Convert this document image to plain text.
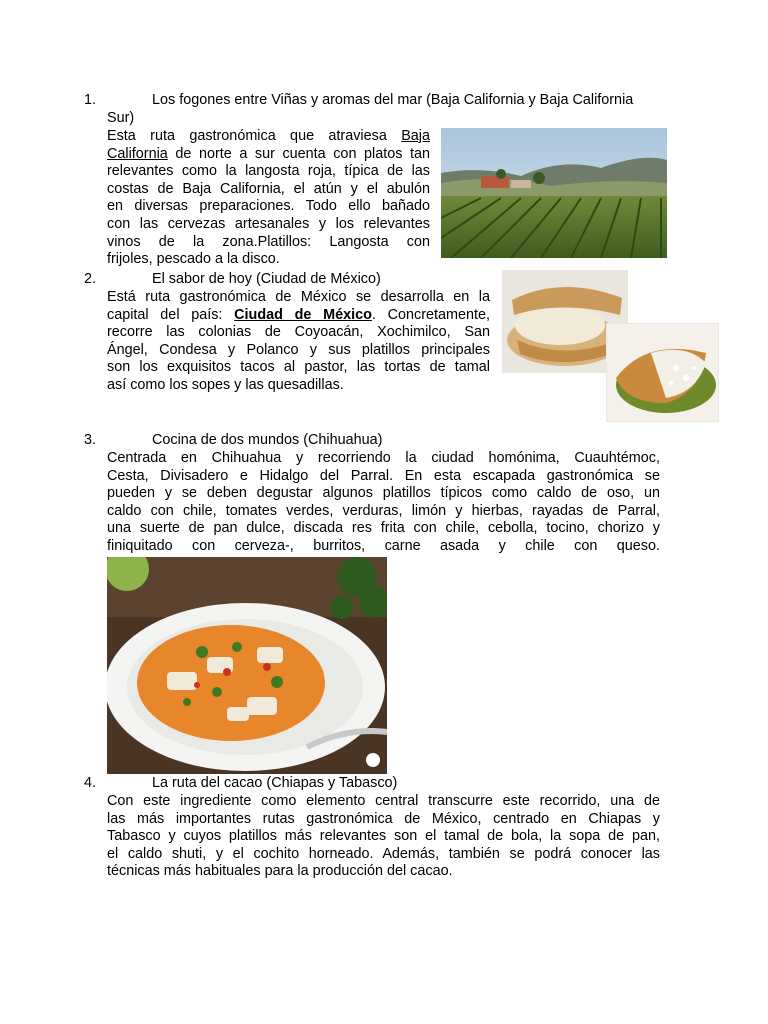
1.	Los fogones entre Viñas y aromas del mar (Baja California y Baja California
Sur)
Esta ruta gastronómica que atraviesa Baja
California de norte a sur cuenta con platos tan
relevantes como la langosta roja, típica de las
costas de Baja California, el atún y el abulón
en diversas preparaciones. Todo ello bañado
con las cervezas artesanales y los relevantes
vinos de la zona.Platillos: Langosta con
frijoles, pescado a la disco.
2.	El sabor de hoy (Ciudad de México)
Está ruta gastronómica de México se desarrolla en la
capital del país: Ciudad de México. Concretamente,
recorre las colonias de Coyoacán, Xochimilco, San
Ángel, Condesa y Polanco y sus platillos principales
son los exquisitos tacos al pastor, las tortas de tamal
así como los sopes y las quesadillas.
3.	Cocina de dos mundos (Chihuahua)
Centrada en Chihuahua y recorriendo la ciudad homónima, Cuauhtémoc,
Cesta, Divisadero e Hidalgo del Parral. En esta escapada gastronómica se
pueden y se deben degustar algunos platillos típicos como caldo de oso, un
caldo con chile, tomates verdes, verduras, limón y hierbas, rayadas de Parral,
una suerte de pan dulce, discada res frita con chile, cebolla, tocino, chorizo y
finiquitado con cerveza-, burritos, carne asada y chile con queso.
4.	La ruta del cacao (Chiapas y Tabasco)
Con este ingrediente como elemento central transcurre este recorrido, una de
las más importantes rutas gastronómica de México, centrado en Chiapas y
Tabasco y cuyos platillos más relevantes son el tamal de bola, la sopa de pan,
el caldo shuti, y el cochito horneado. Además, también se podrá conocer las
técnicas más habituales para la producción del cacao.
